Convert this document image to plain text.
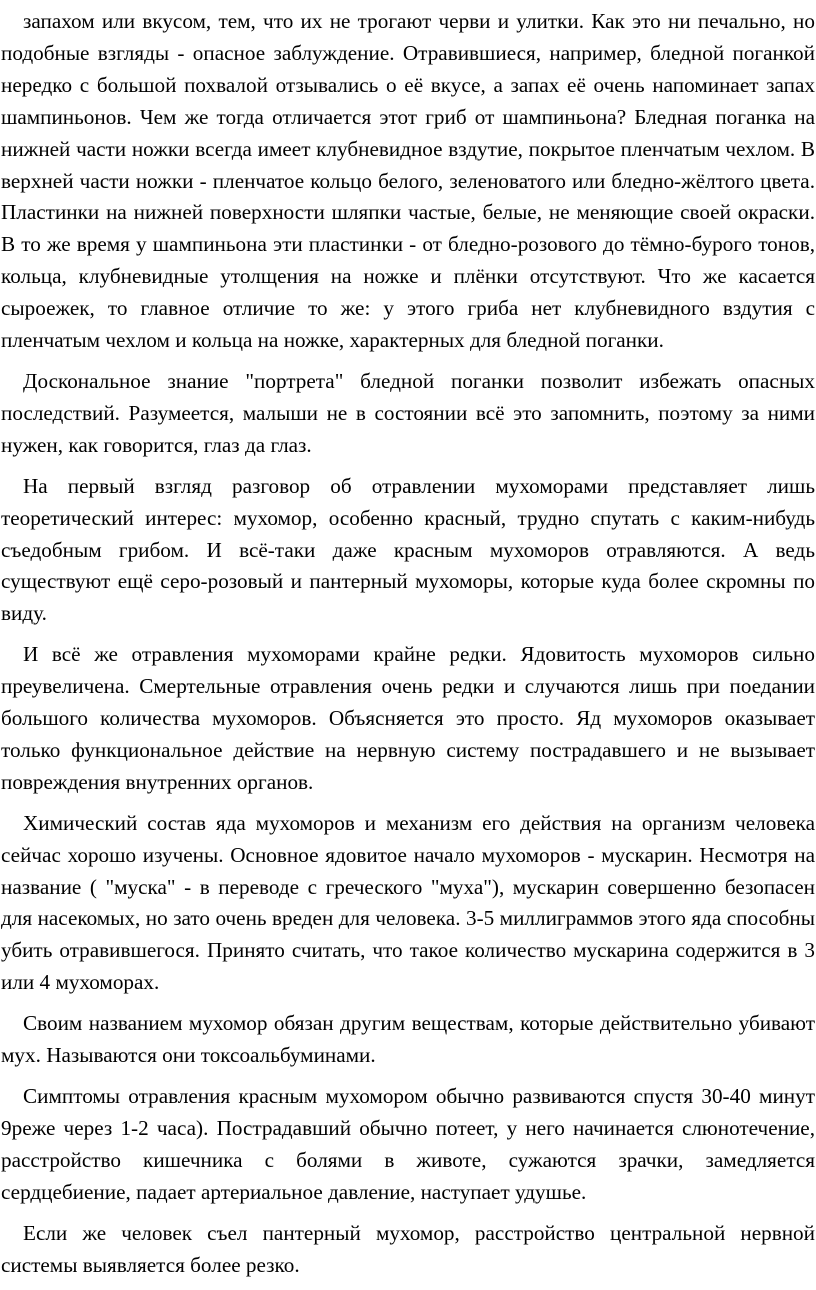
запахом или вкусом, тем, что их не трогают черви и улитки. Как это ни печально, но подобные взгляды - опасное заблуждение. Отравившиеся, например, бледной поганкой нередко с большой похвалой отзывались о её вкусе, а запах её очень напоминает запах шампиньонов. Чем же тогда отличается этот гриб от шампиньона? Бледная поганка на нижней части ножки всегда имеет клубневидное вздутие, покрытое пленчатым чехлом. В верхней части ножки - пленчатое кольцо белого, зеленоватого или бледно-жёлтого цвета. Пластинки на нижней поверхности шляпки частые, белые, не меняющие своей окраски. В то же время у шампиньона эти пластинки - от бледно-розового до тёмно-бурого тонов, кольца, клубневидные утолщения на ножке и плёнки отсутствуют. Что же касается сыроежек, то главное отличие то же: у этого гриба нет клубневидного вздутия с пленчатым чехлом и кольца на ножке, характерных для бледной поганки.

Доскональное знание "портрета" бледной поганки позволит избежать опасных последствий. Разумеется, малыши не в состоянии всё это запомнить, поэтому за ними нужен, как говорится, глаз да глаз.

На первый взгляд разговор об отравлении мухоморами представляет лишь теоретический интерес: мухомор, особенно красный, трудно спутать с каким-нибудь съедобным грибом. И всё-таки даже красным мухоморов отравляются. А ведь существуют ещё серо-розовый и пантерный мухоморы, которые куда более скромны по виду.

И всё же отравления мухоморами крайне редки. Ядовитость мухоморов сильно преувеличена. Смертельные отравления очень редки и случаются лишь при поедании большого количества мухоморов. Объясняется это просто. Яд мухоморов оказывает только функциональное действие на нервную систему пострадавшего и не вызывает повреждения внутренних органов.

Химический состав яда мухоморов и механизм его действия на организм человека сейчас хорошо изучены. Основное ядовитое начало мухоморов - мускарин. Несмотря на название ( "муска" - в переводе с греческого "муха"), мускарин совершенно безопасен для насекомых, но зато очень вреден для человека. 3-5 миллиграммов этого яда способны убить отравившегося. Принято считать, что такое количество мускарина содержится в 3 или 4 мухоморах.

Своим названием мухомор обязан другим веществам, которые действительно убивают мух. Называются они токсоальбуминами.

Симптомы отравления красным мухомором обычно развиваются спустя 30-40 минут 9реже через 1-2 часа). Пострадавший обычно потеет, у него начинается слюнотечение, расстройство кишечника с болями в животе, сужаются зрачки, замедляется сердцебиение, падает артериальное давление, наступает удушье.

Если же человек съел пантерный мухомор, расстройство центральной нервной системы выявляется более резко.
